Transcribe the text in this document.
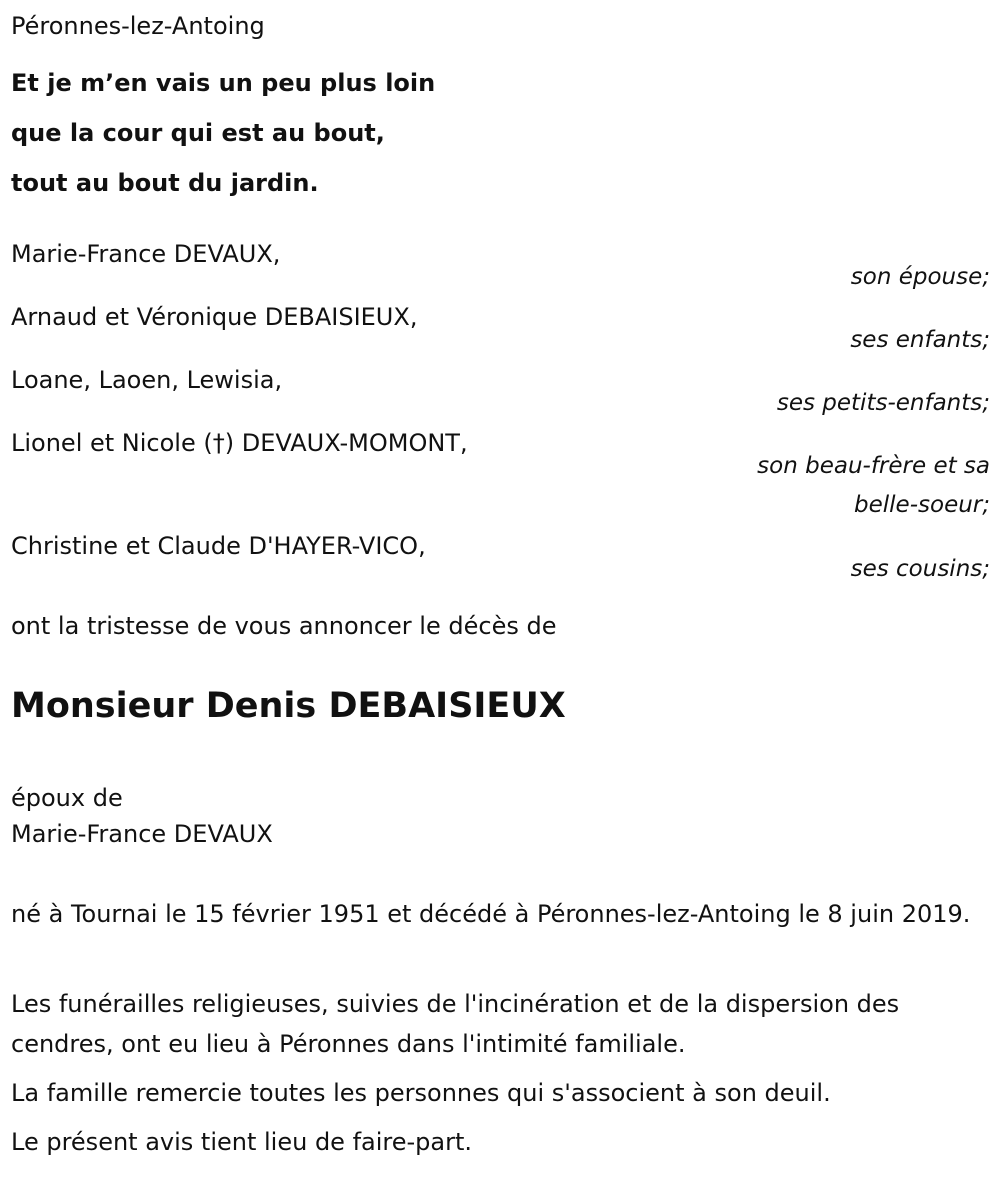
Péronnes-lez-Antoing
Et je m’en vais un peu plus loin
que la cour qui est au bout,
tout au bout du jardin.
Marie-France DEVAUX,
son épouse;
Arnaud et Véronique DEBAISIEUX,
ses enfants;
Loane, Laoen, Lewisia,
ses petits-enfants;
Lionel et Nicole (†) DEVAUX-MOMONT,
son beau-frère et sa
belle-soeur;
Christine et Claude D'HAYER-VICO,
ses cousins;
ont la tristesse de vous annoncer le décès de
Monsieur Denis DEBAISIEUX
époux de
Marie-France DEVAUX
né à Tournai le 15 février 1951 et décédé à Péronnes-lez-Antoing le 8 juin 2019.
Les funérailles religieuses, suivies de l'incinération et de la dispersion des cendres, ont eu lieu à Péronnes dans l'intimité familiale.
La famille remercie toutes les personnes qui s'associent à son deuil.
Le présent avis tient lieu de faire-part.
